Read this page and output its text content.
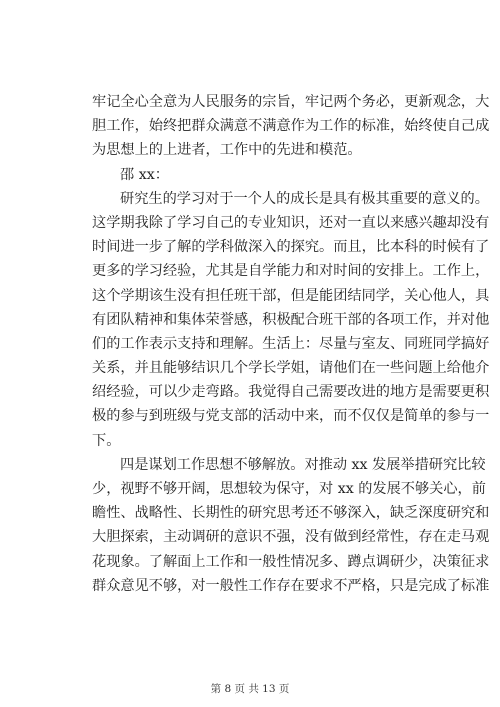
牢记全心全意为人民服务的宗旨，牢记两个务必，更新观念，大
胆工作，始终把群众满意不满意作为工作的标准，始终使自己成
为思想上的上进者，工作中的先进和模范。
邵 xx：
研究生的学习对于一个人的成长是具有极其重要的意义的。
这学期我除了学习自己的专业知识，还对一直以来感兴趣却没有
时间进一步了解的学科做深入的探究。而且，比本科的时候有了
更多的学习经验，尤其是自学能力和对时间的安排上。工作上，
这个学期该生没有担任班干部，但是能团结同学，关心他人，具
有团队精神和集体荣誉感，积极配合班干部的各项工作，并对他
们的工作表示支持和理解。生活上：尽量与室友、同班同学搞好
关系，并且能够结识几个学长学姐，请他们在一些问题上给他介
绍经验，可以少走弯路。我觉得自己需要改进的地方是需要更积
极的参与到班级与党支部的活动中来，而不仅仅是简单的参与一
下。
四是谋划工作思想不够解放。对推动 xx 发展举措研究比较
少，视野不够开阔，思想较为保守，对 xx 的发展不够关心，前
瞻性、战略性、长期性的研究思考还不够深入，缺乏深度研究和
大胆探索，主动调研的意识不强，没有做到经常性，存在走马观
花现象。了解面上工作和一般性情况多、蹲点调研少，决策征求
群众意见不够，对一般性工作存在要求不严格，只是完成了标准
第 8 页 共 13 页
